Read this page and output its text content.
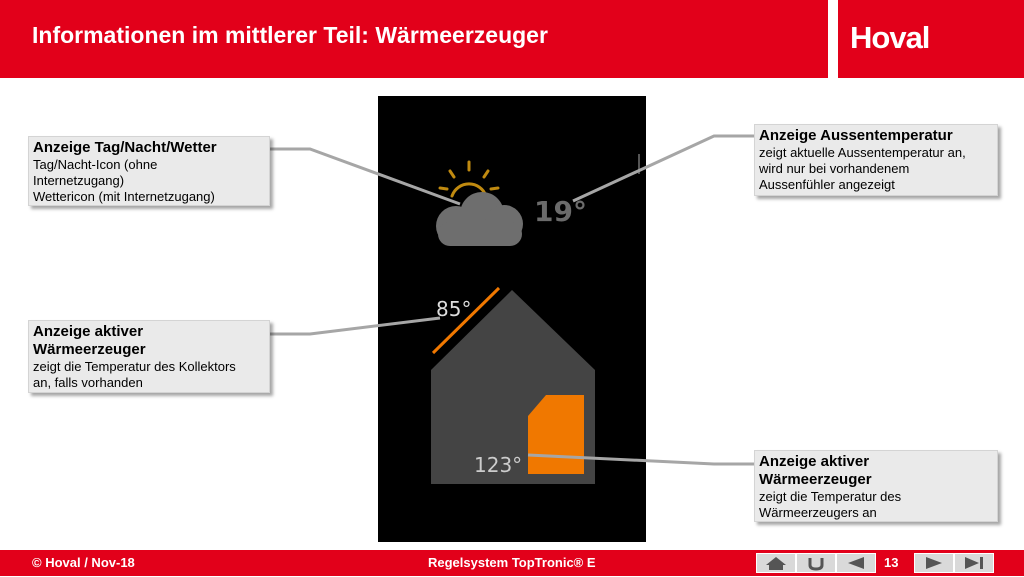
Informationen im mittlerer Teil: Wärmeerzeuger	Hoval
19°
85°
123°
Anzeige Tag/Nacht/Wetter
Tag/Nacht-Icon (ohne
Internetzugang)
Wettericon (mit Internetzugang)
Anzeige aktiver
Wärmeerzeuger
zeigt die Temperatur des Kollektors
an, falls vorhanden
Anzeige Aussentemperatur
zeigt aktuelle Aussentemperatur an,
wird nur bei vorhandenem
Aussenfühler angezeigt
Anzeige aktiver
Wärmeerzeuger
zeigt die Temperatur des
Wärmeerzeugers an
© Hoval / Nov-18	Regelsystem TopTronic® E	13
